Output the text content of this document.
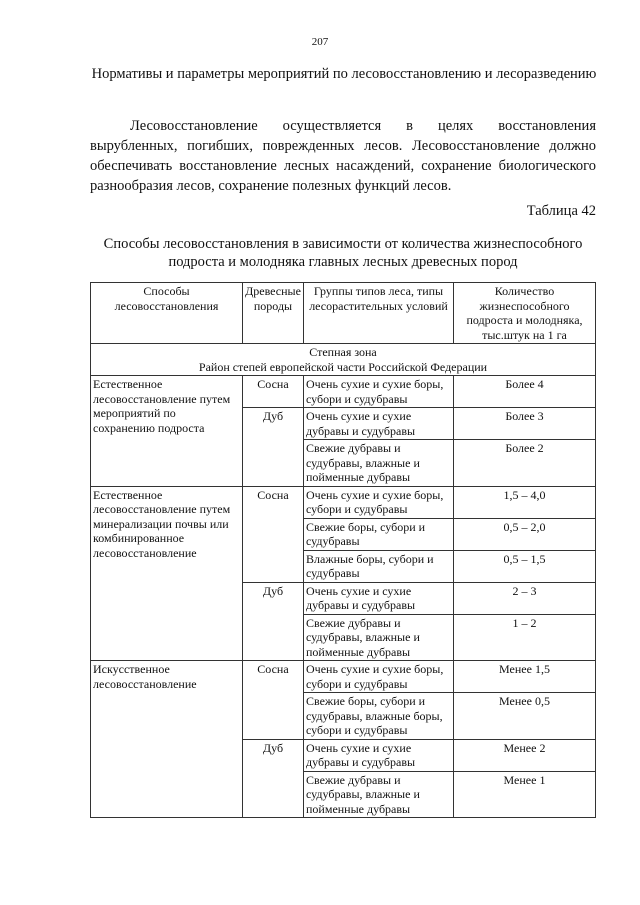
207
Нормативы и параметры мероприятий по лесовосстановлению и лесоразведению

Лесовосстановление осуществляется в целях восстановления вырубленных, погибших, поврежденных лесов. Лесовосстановление должно обеспечивать восстановление лесных насаждений, сохранение биологического разнообразия лесов, сохранение полезных функций лесов.

Таблица 42
Способы лесовосстановления в зависимости от количества жизнеспособного подроста и молодняка главных лесных древесных пород
Способы лесовосстановления	Древесные породы	Группы типов леса, типы лесорастительных условий	Количество жизнеспособного подроста и молодняка, тыс.штук на 1 га

Степная зона
Район степей европейской части Российской Федерации			

Естественное лесовосстановление путем мероприятий по сохранению подроста	Сосна	Очень сухие и сухие боры, субори и судубравы	Более 4
	Дуб	Очень сухие и сухие дубравы и судубравы	Более 3
		Свежие дубравы и судубравы, влажные и пойменные дубравы	Более 2
Естественное лесовосстановление путем минерализации почвы или комбинированное лесовосстановление	Сосна	Очень сухие и сухие боры, субори и судубравы	1,5 – 4,0
		Свежие боры, субори и судубравы	0,5 – 2,0
		Влажные боры, субори и судубравы	0,5 – 1,5
	Дуб	Очень сухие и сухие дубравы и судубравы	2 – 3
		Свежие дубравы и судубравы, влажные и пойменные дубравы	1 – 2
Искусственное лесовосстановление	Сосна	Очень сухие и сухие боры, субори и судубравы	Менее 1,5
		Свежие боры, субори и судубравы, влажные боры, субори и судубравы	Менее 0,5
	Дуб	Очень сухие и сухие дубравы и судубравы	Менее 2
		Свежие дубравы и судубравы, влажные и пойменные дубравы	Менее 1
